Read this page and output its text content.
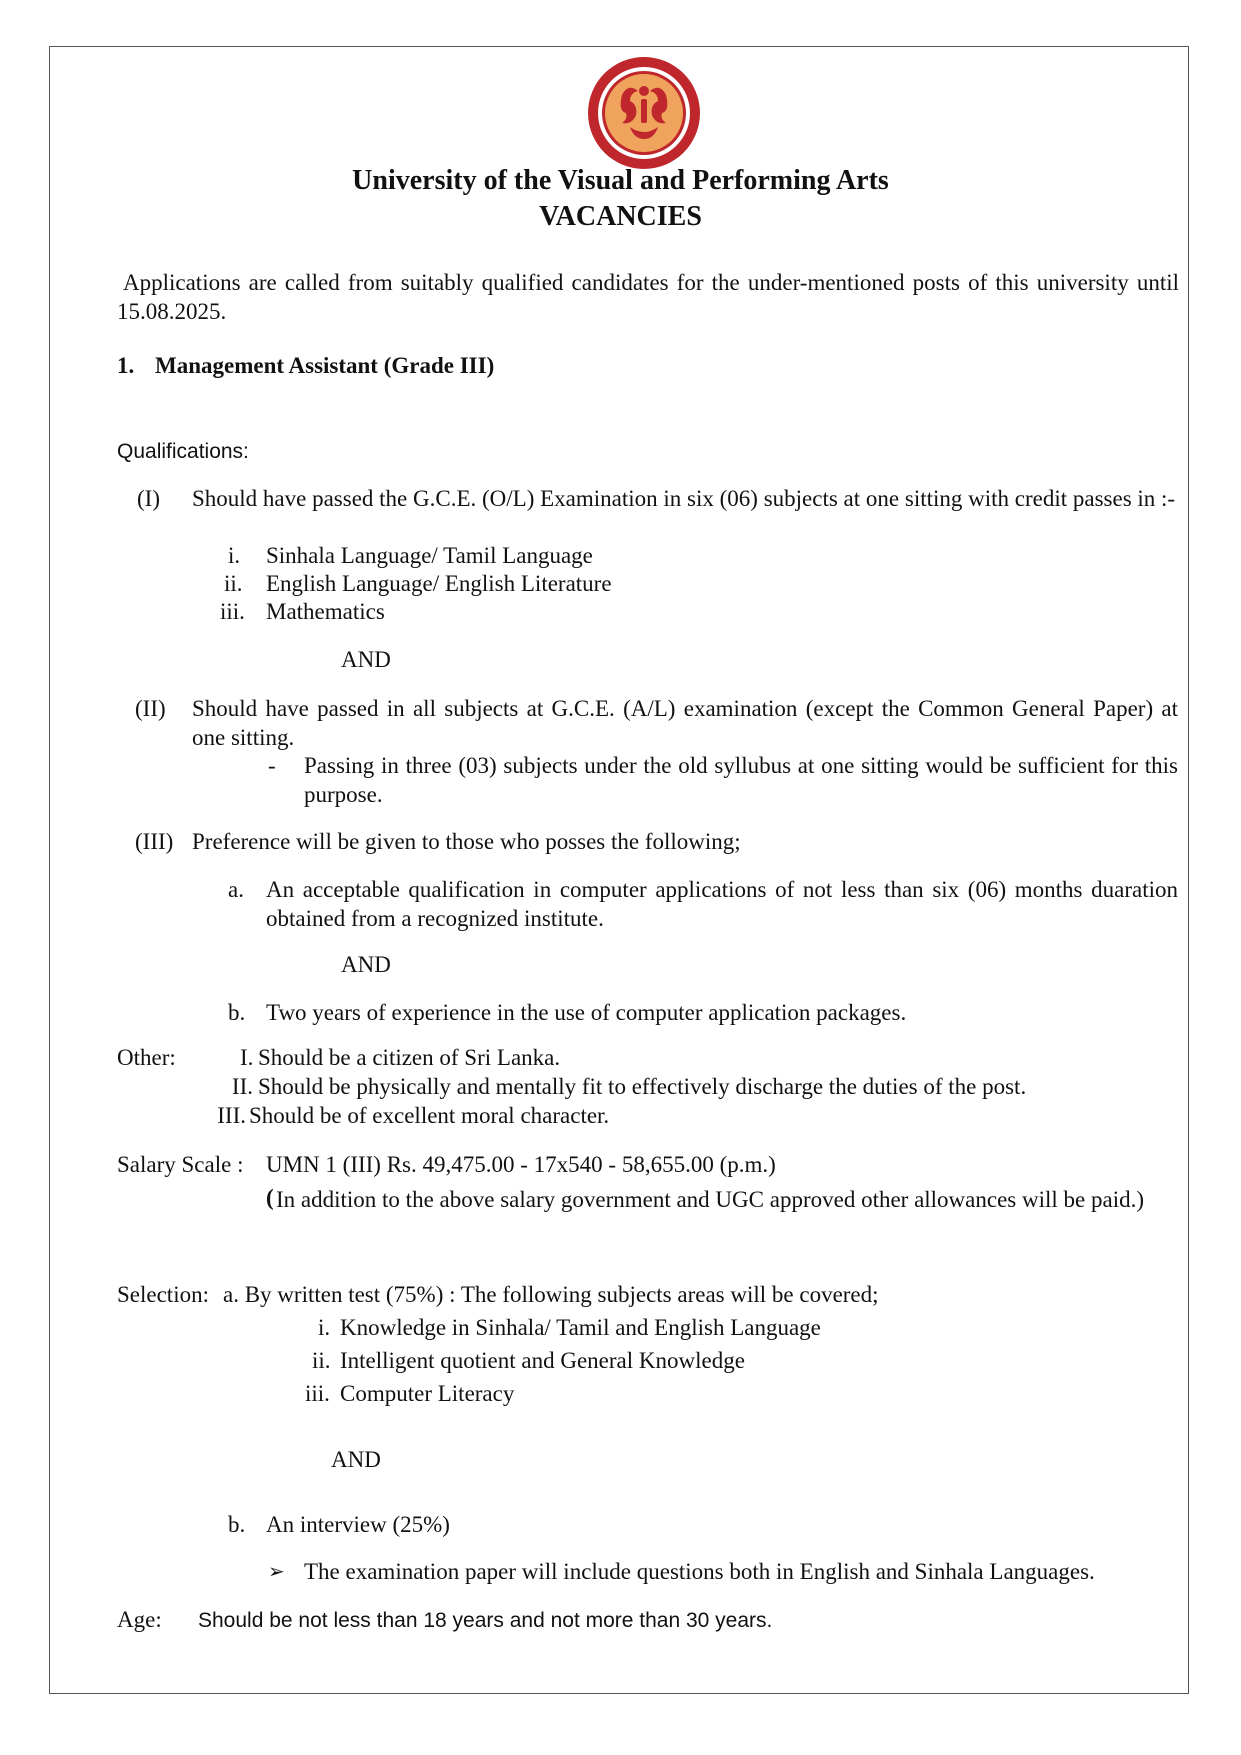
University of the Visual and Performing Arts
VACANCIES
Applications are called from suitably qualified candidates for the under-mentioned posts of this university until 15.08.2025.
1. Management Assistant (Grade III)
Qualifications:
(I) Should have passed the G.C.E. (O/L) Examination in six (06) subjects at one sitting with credit passes in :-
i. Sinhala Language/ Tamil Language
ii. English Language/ English Literature
iii. Mathematics
AND
(II) Should have passed in all subjects at G.C.E. (A/L) examination (except the Common General Paper) at one sitting.
- Passing in three (03) subjects under the old syllubus at one sitting would be sufficient for this purpose.
(III) Preference will be given to those who posses the following;
a. An acceptable qualification in computer applications of not less than six (06) months duaration obtained from a recognized institute.
AND
b. Two years of experience in the use of computer application packages.
Other:	I. Should be a citizen of Sri Lanka.
II. Should be physically and mentally fit to effectively discharge the duties of the post.
III. Should be of excellent moral character.
Salary Scale : UMN 1 (III) Rs. 49,475.00 - 17x540 - 58,655.00 (p.m.)
( In addition to the above salary government and UGC approved other allowances will be paid.)
Selection: a. By written test (75%) : The following subjects areas will be covered;
i. Knowledge in Sinhala/ Tamil and English Language
ii. Intelligent quotient and General Knowledge
iii. Computer Literacy
AND
b. An interview (25%)
➢ The examination paper will include questions both in English and Sinhala Languages.
Age: Should be not less than 18 years and not more than 30 years.
